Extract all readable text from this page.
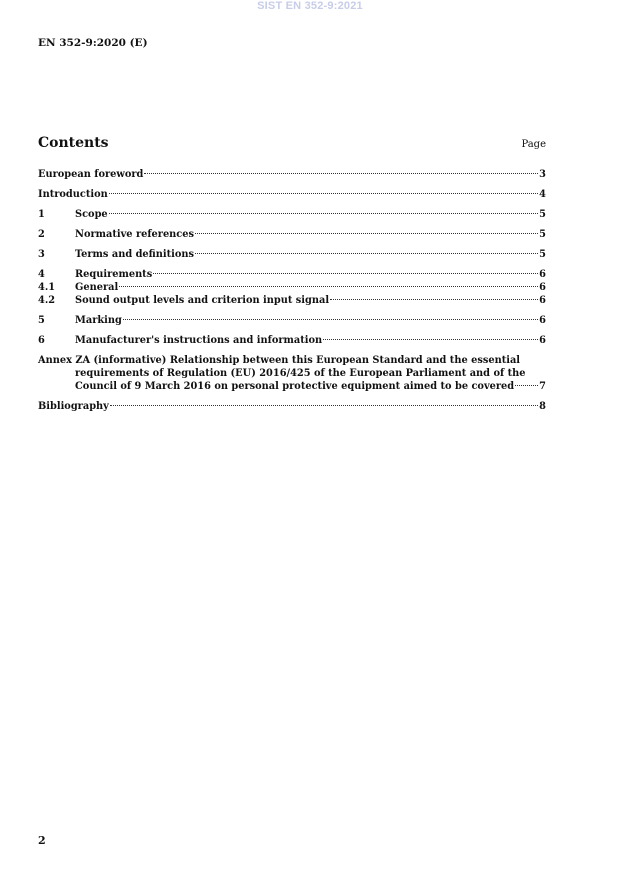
SIST EN 352-9:2021
EN 352-9:2020 (E)
Contents	Page
European foreword	3
Introduction	4
1	Scope	5
2	Normative references	5
3	Terms and definitions	5
4	Requirements	6
4.1	General	6
4.2	Sound output levels and criterion input signal	6
5	Marking	6
6	Manufacturer's instructions and information	6
Annex ZA (informative) Relationship between this European Standard and the essential
requirements of Regulation (EU) 2016/425 of the European Parliament and of the
Council of 9 March 2016 on personal protective equipment aimed to be covered	7
Bibliography	8
2
